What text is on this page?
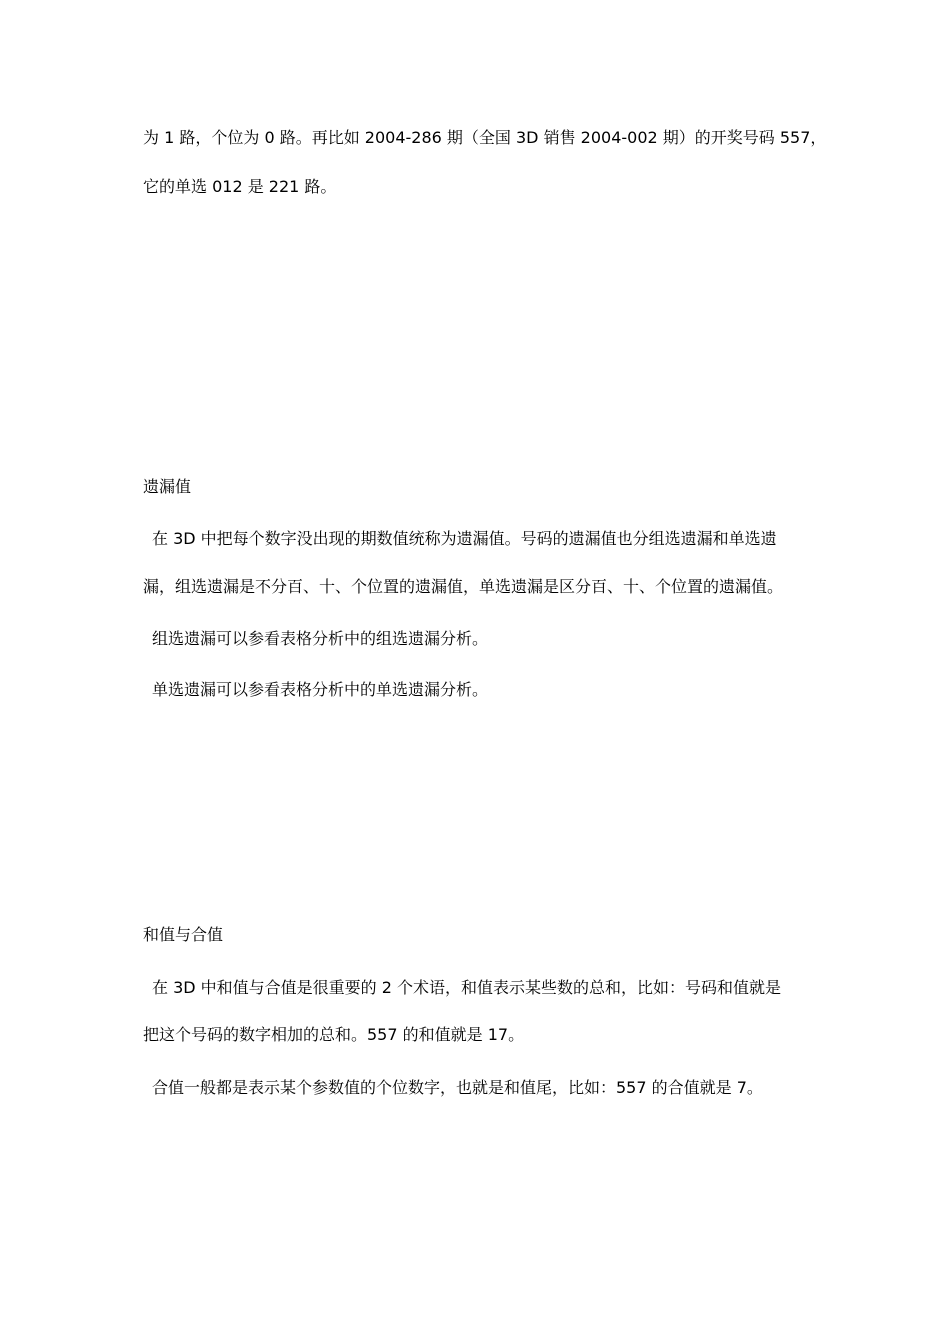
为 1 路，个位为 0 路。再比如 2004-286 期（全国 3D 销售 2004-002 期）的开奖号码 557，
它的单选 012 是 221 路。
遗漏值
在 3D 中把每个数字没出现的期数值统称为遗漏值。号码的遗漏值也分组选遗漏和单选遗
漏，组选遗漏是不分百、十、个位置的遗漏值，单选遗漏是区分百、十、个位置的遗漏值。
组选遗漏可以参看表格分析中的组选遗漏分析。
单选遗漏可以参看表格分析中的单选遗漏分析。
和值与合值
在 3D 中和值与合值是很重要的 2 个术语，和值表示某些数的总和，比如：号码和值就是
把这个号码的数字相加的总和。557 的和值就是 17。
合值一般都是表示某个参数值的个位数字，也就是和值尾，比如：557 的合值就是 7。
